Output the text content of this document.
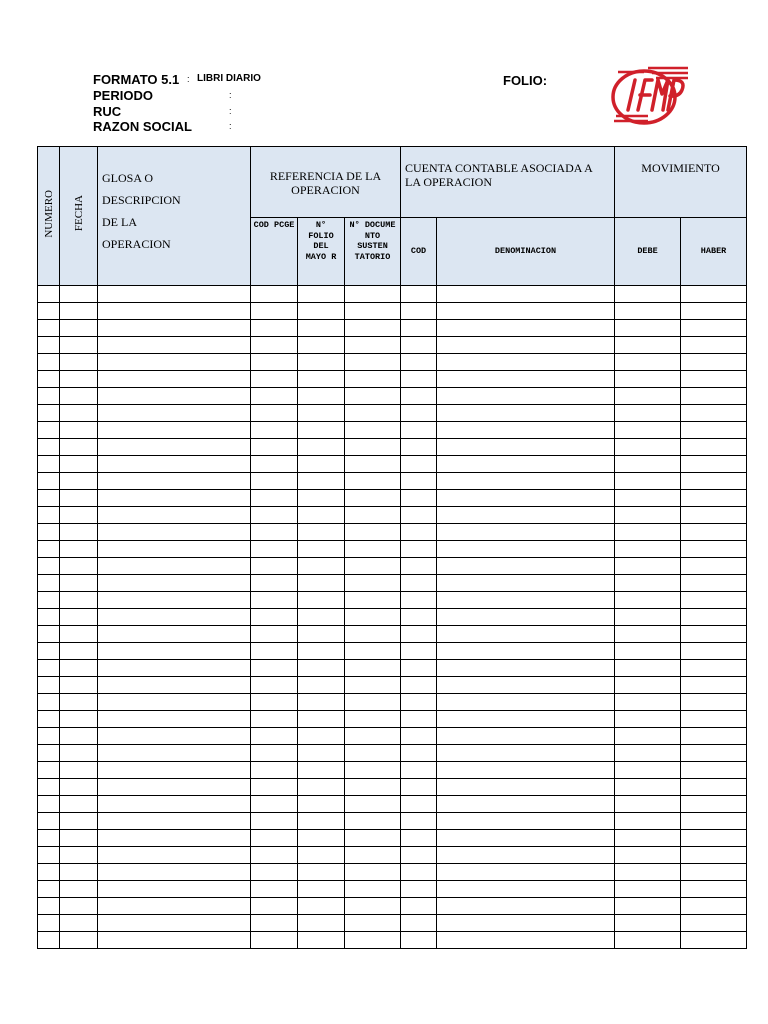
FORMATO 5.1 : LIBRI DIARIO
PERIODO	:
RUC	:
RAZON SOCIAL	:
FOLIO:
NUMERO	FECHA	GLOSA O
DESCRIPCION
DE LA
OPERACION	REFERENCIA DE LA OPERACION			CUENTA CONTABLE ASOCIADA A LA OPERACION		MOVIMIENTO	
			COD PCGE	N° FOLIO DEL MAYO R	N° DOCUME NTO SUSTEN TATORIO	COD	DENOMINACION	DEBE	HABER
